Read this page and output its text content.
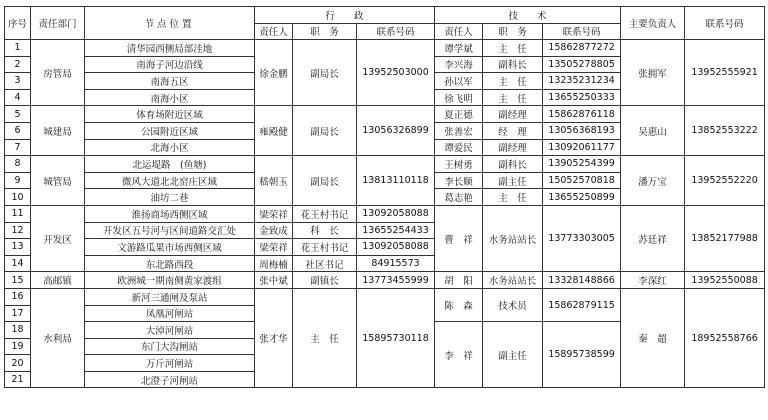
序号	责任部门	节点位置	行　　政			技　　术			主要负责人	联系号码
			责任人	职　务	联系号码	责任人	职　务	联系号码		
1	房管局	清华园西侧局部洼地	徐金鹏	副局长	13952503000	谭学斌	主　任	15862877272	张拥军	13952555921
2		南海子河边沿线				李兴海	副科长	13505278805		
3		南海五区				孙以军	主　任	13235231234		
4		南海小区				徐飞明	主　任	13655250333		
5	城建局	体育场附近区域	雍殿健	副局长	13056326899	夏正德	副经理	15862876118	吴惠山	13852553222
6		公园附近区域				张善宏	经　理	13056368193		
7		北海小区				谭爱民	副经理	13092061177		
8	城管局	北运堤路　(鱼塘)	嵇朝玉	副局长	13813110118	王树勇	副科长	13905254399	潘万宝	13952552220
9		微风大道北北窑庄区域				李长顺	副主任	15052570818		
10		油坊二巷				葛志艳	主　任	13655250899		
11	开发区	淮扬商场西侧区域	梁荣祥	花王村书记	13092058088	曹　祥	水务站站长	13773303005	苏廷祥	13852177988
12		开发区五号河与区间道路交汇处	金致成	科　长	13655254433					
13		文游路瓜果市场西侧区域	梁荣祥	花王村书记	13092058088					
14		东北路西段	周梅楠	社区书记	84915573					
15	高邮镇	欧洲城一期南侧黄家渡组	张中斌	副镇长	13773455999	胡　阳	水务站站长	13328148866	李深红	13952550088
16	水利局	新河三通闸及泵站	张才华	主　任	15895730118	陈　森	技术员	15862879115	秦　超	18952558766
17		凤凰河闸站								
18		大淖河闸站				李　祥	副主任	15895738599		
19		东门大沟闸站								
20		万斤河闸站								
21		北澄子河闸站								
